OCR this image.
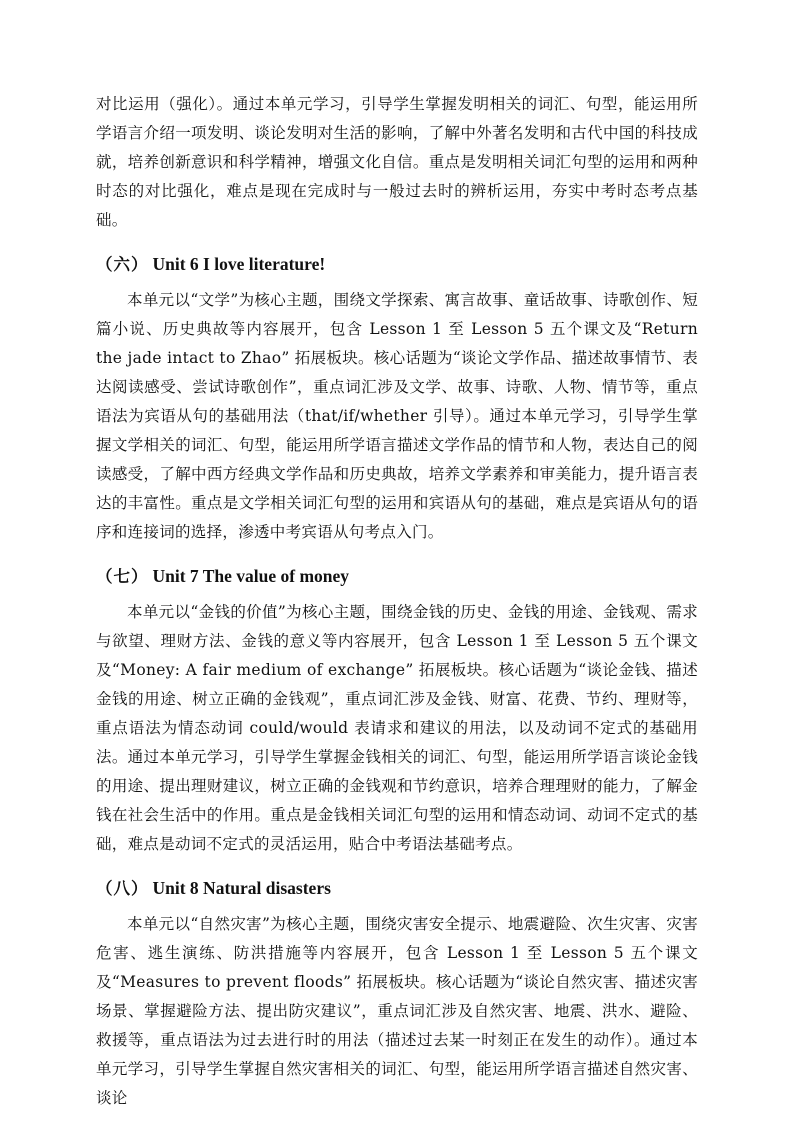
对比运用（强化）。通过本单元学习，引导学生掌握发明相关的词汇、句型，能运用所学语言介绍一项发明、谈论发明对生活的影响，了解中外著名发明和古代中国的科技成就，培养创新意识和科学精神，增强文化自信。重点是发明相关词汇句型的运用和两种时态的对比强化，难点是现在完成时与一般过去时的辨析运用，夯实中考时态考点基础。

（六） Unit 6 I love literature!

本单元以“文学”为核心主题，围绕文学探索、寓言故事、童话故事、诗歌创作、短篇小说、历史典故等内容展开，包含 Lesson 1 至 Lesson 5 五个课文及“Return the jade intact to Zhao” 拓展板块。核心话题为“谈论文学作品、描述故事情节、表达阅读感受、尝试诗歌创作”，重点词汇涉及文学、故事、诗歌、人物、情节等，重点语法为宾语从句的基础用法（that/if/whether 引导）。通过本单元学习，引导学生掌握文学相关的词汇、句型，能运用所学语言描述文学作品的情节和人物，表达自己的阅读感受，了解中西方经典文学作品和历史典故，培养文学素养和审美能力，提升语言表达的丰富性。重点是文学相关词汇句型的运用和宾语从句的基础，难点是宾语从句的语序和连接词的选择，渗透中考宾语从句考点入门。

（七） Unit 7 The value of money

本单元以“金钱的价值”为核心主题，围绕金钱的历史、金钱的用途、金钱观、需求与欲望、理财方法、金钱的意义等内容展开，包含 Lesson 1 至 Lesson 5 五个课文及“Money: A fair medium of exchange” 拓展板块。核心话题为“谈论金钱、描述金钱的用途、树立正确的金钱观”，重点词汇涉及金钱、财富、花费、节约、理财等，重点语法为情态动词 could/would 表请求和建议的用法，以及动词不定式的基础用法。通过本单元学习，引导学生掌握金钱相关的词汇、句型，能运用所学语言谈论金钱的用途、提出理财建议，树立正确的金钱观和节约意识，培养合理理财的能力，了解金钱在社会生活中的作用。重点是金钱相关词汇句型的运用和情态动词、动词不定式的基础，难点是动词不定式的灵活运用，贴合中考语法基础考点。

（八） Unit 8 Natural disasters

本单元以“自然灾害”为核心主题，围绕灾害安全提示、地震避险、次生灾害、灾害危害、逃生演练、防洪措施等内容展开，包含 Lesson 1 至 Lesson 5 五个课文及“Measures to prevent floods” 拓展板块。核心话题为“谈论自然灾害、描述灾害场景、掌握避险方法、提出防灾建议”，重点词汇涉及自然灾害、地震、洪水、避险、救援等，重点语法为过去进行时的用法（描述过去某一时刻正在发生的动作）。通过本单元学习，引导学生掌握自然灾害相关的词汇、句型，能运用所学语言描述自然灾害、谈论
